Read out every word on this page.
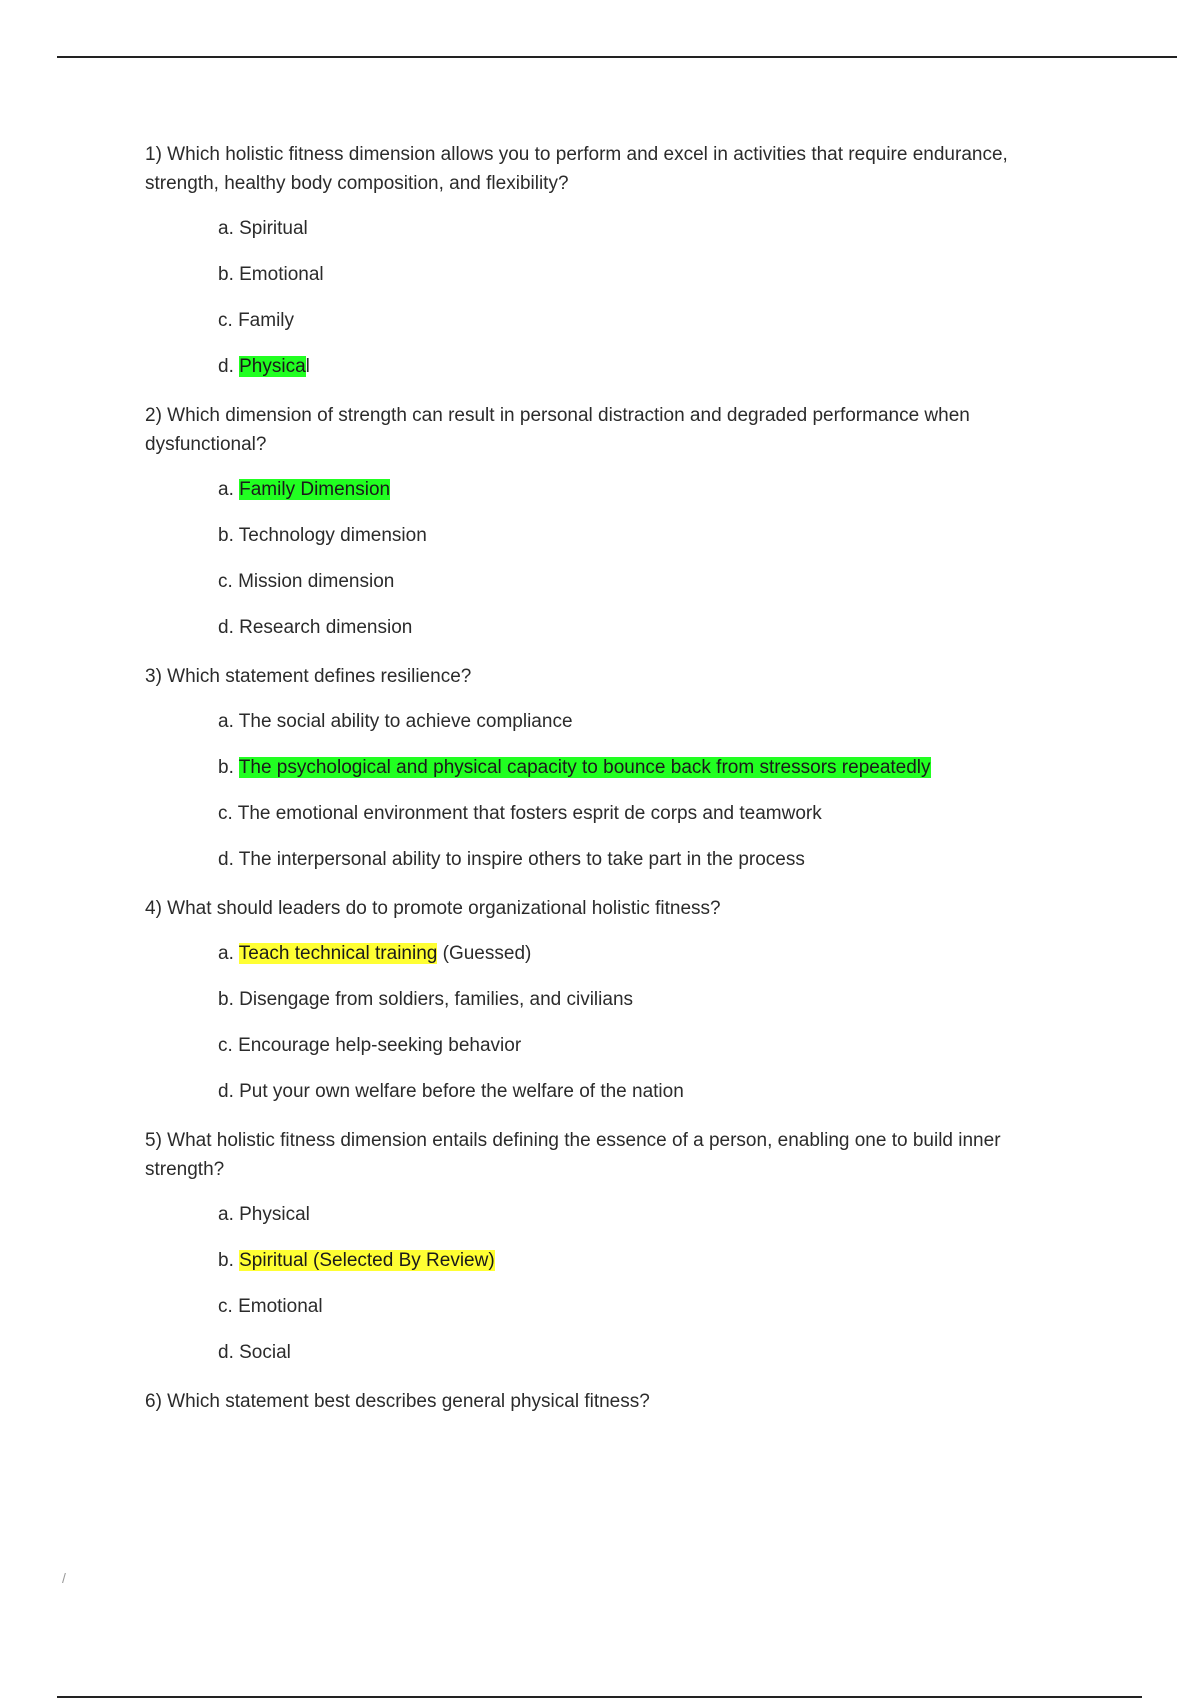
1) Which holistic fitness dimension allows you to perform and excel in activities that require endurance, strength, healthy body composition, and flexibility?

a. Spiritual
b. Emotional
c. Family
d. Physical

2) Which dimension of strength can result in personal distraction and degraded performance when dysfunctional?

a. Family Dimension
b. Technology dimension
c. Mission dimension
d. Research dimension

3) Which statement defines resilience?

a. The social ability to achieve compliance
b. The psychological and physical capacity to bounce back from stressors repeatedly
c. The emotional environment that fosters esprit de corps and teamwork
d. The interpersonal ability to inspire others to take part in the process

4) What should leaders do to promote organizational holistic fitness?

a. Teach technical training (Guessed)
b. Disengage from soldiers, families, and civilians
c. Encourage help-seeking behavior
d. Put your own welfare before the welfare of the nation

5) What holistic fitness dimension entails defining the essence of a person, enabling one to build inner strength?

a. Physical
b. Spiritual (Selected By Review)
c. Emotional
d. Social

6) Which statement best describes general physical fitness?

/
